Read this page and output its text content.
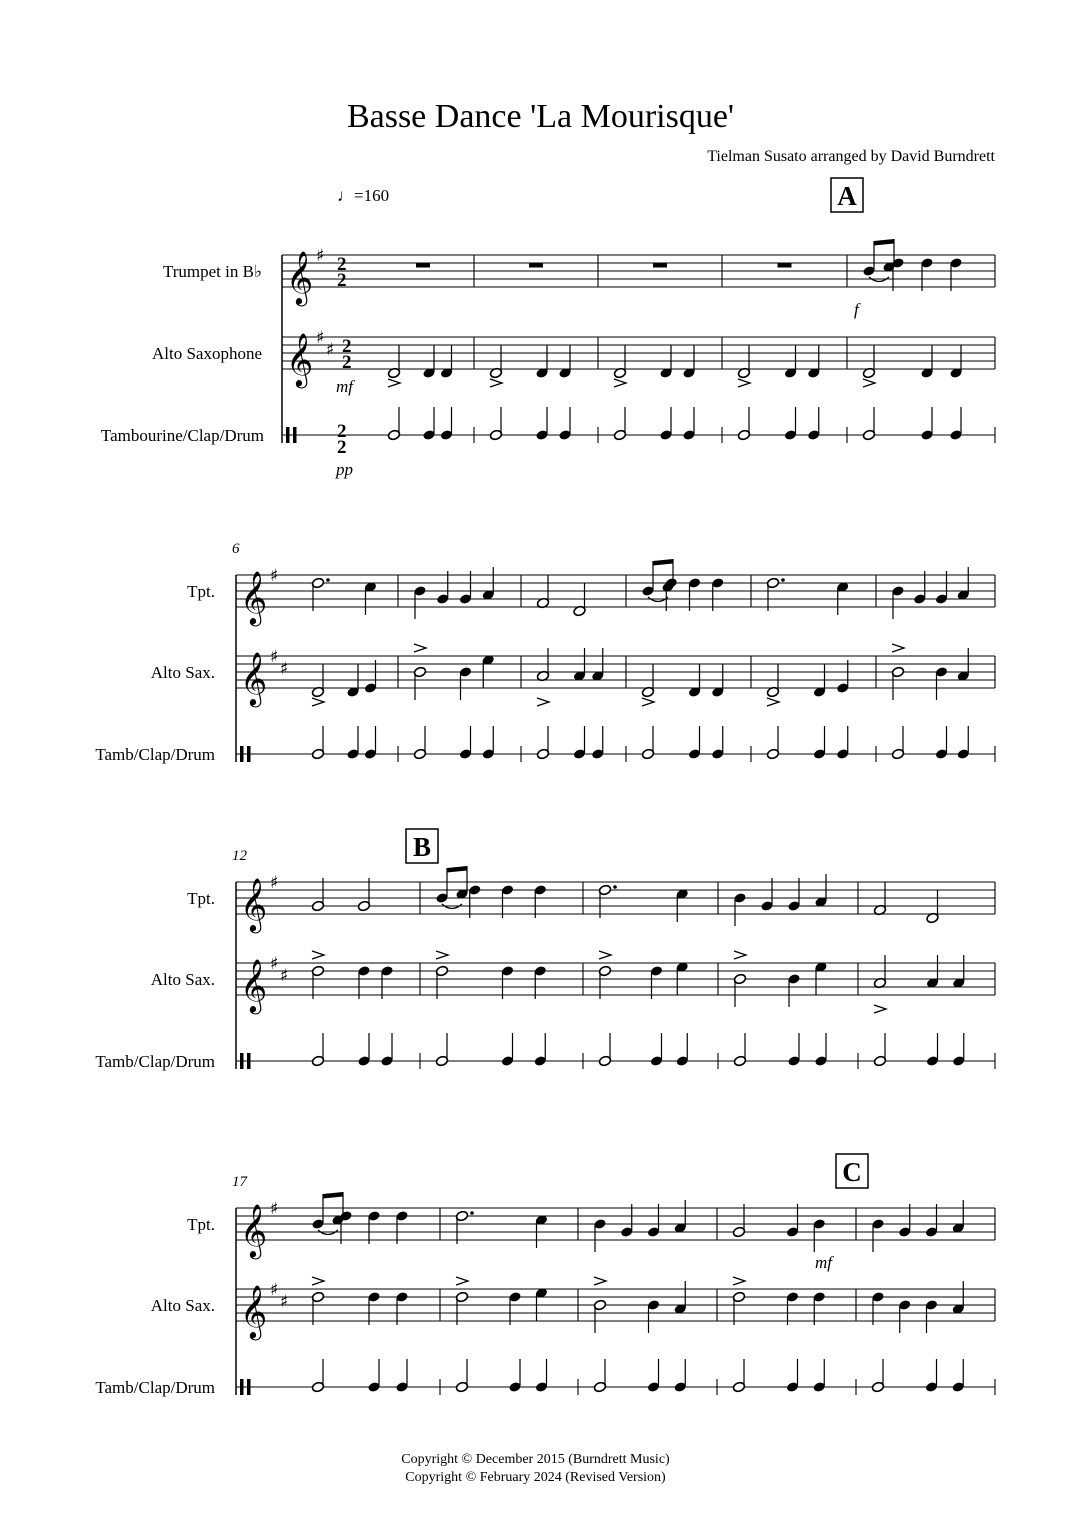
𝄞
𝄞
♯
♯
♯
2
2
2
2
2
2
Trumpet in B♭
Alto Saxophone
Tambourine/Clap/Drum
𝄞
𝄞
♯
♯
♯
Tpt.
Alto Sax.
Tamb/Clap/Drum
6
𝄞
𝄞
♯
♯
♯
Tpt.
Alto Sax.
Tamb/Clap/Drum
12
𝄞
𝄞
♯
♯
♯
Tpt.
Alto Sax.
Tamb/Clap/Drum
17
A
B
C
f
mf
pp
mf
Basse Dance 'La Mourisque'
Tielman Susato arranged by David Burndrett
♩=160
Copyright © December 2015 (Burndrett Music)
Copyright © February 2024 (Revised Version)
